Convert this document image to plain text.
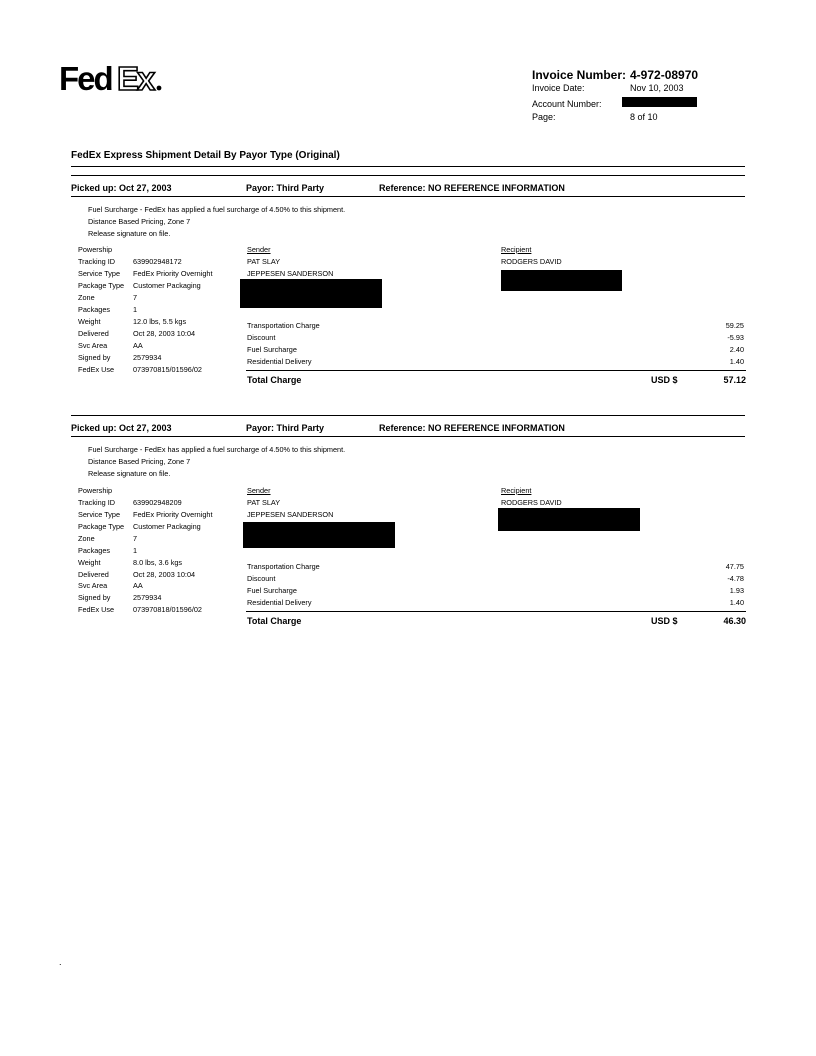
Fed Ex	Invoice Number: 4-972-08970
Invoice Date:	Nov 10, 2003
Account Number:
Page:	8 of 10
FedEx Express Shipment Detail By Payor Type (Original)
Picked up: Oct 27, 2003	Payor: Third Party	Reference: NO REFERENCE INFORMATION
Fuel Surcharge - FedEx has applied a fuel surcharge of 4.50% to this shipment.
Distance Based Pricing, Zone 7
Release signature on file.
Powership
Tracking ID 639902948172
Service Type FedEx Priority Overnight
Package Type Customer Packaging
Zone	7
Packages	1
Weight	12.0 lbs, 5.5 kgs
Delivered	Oct 28, 2003 10:04
Svc Area	AA
Signed by	2579934
FedEx Use	073970815/01596/02
Sender
PAT SLAY
JEPPESEN SANDERSON
Recipient
RODGERS DAVID
Transportation Charge	59.25
Discount	-5.93
Fuel Surcharge	2.40
Residential Delivery	1.40
Total Charge	USD $	57.12
Picked up: Oct 27, 2003	Payor: Third Party	Reference: NO REFERENCE INFORMATION
Fuel Surcharge - FedEx has applied a fuel surcharge of 4.50% to this shipment.
Distance Based Pricing, Zone 7
Release signature on file.
Powership
Tracking ID 639902948209
Service Type FedEx Priority Overnight
Package Type Customer Packaging
Zone	7
Packages	1
Weight	8.0 lbs, 3.6 kgs
Delivered	Oct 28, 2003 10:04
Svc Area	AA
Signed by	2579934
FedEx Use	073970818/01596/02
Sender
PAT SLAY
JEPPESEN SANDERSON
Recipient
RODGERS DAVID
Transportation Charge	47.75
Discount	-4.78
Fuel Surcharge	1.93
Residential Delivery	1.40
Total Charge	USD $	46.30
.
